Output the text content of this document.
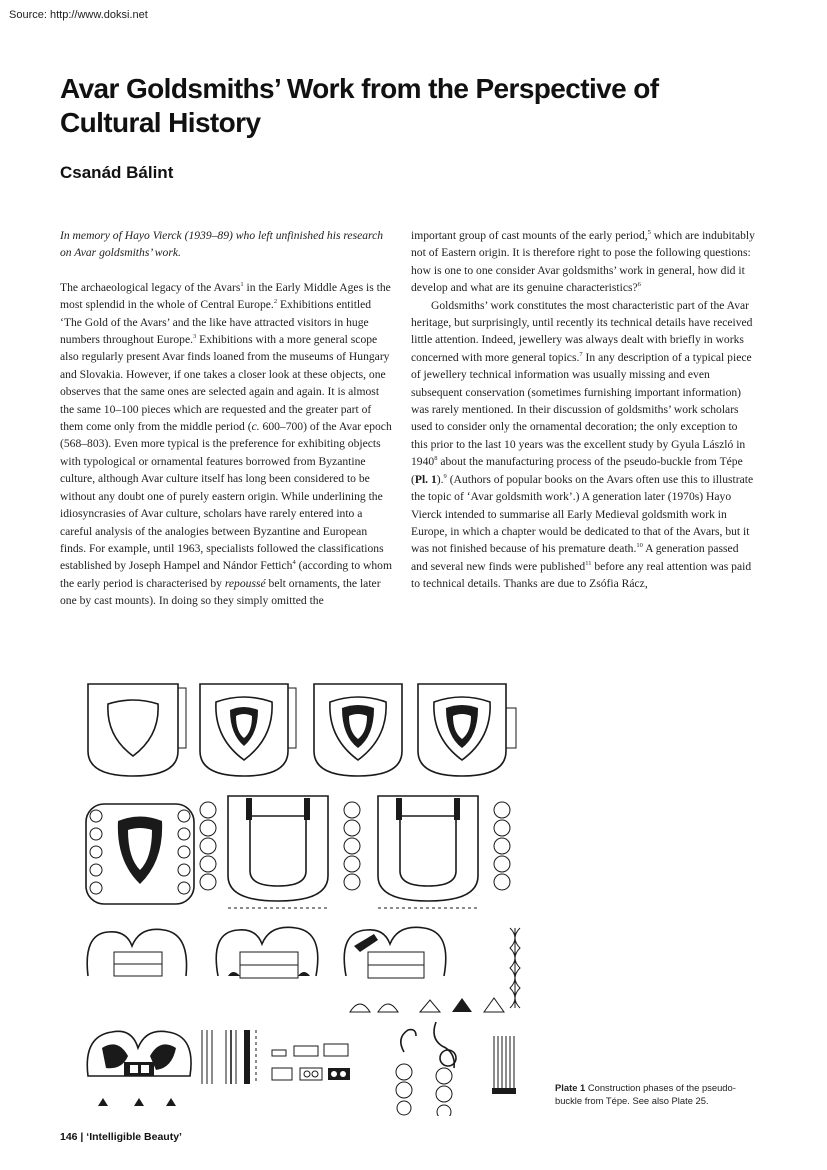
Source: http://www.doksi.net
Avar Goldsmiths’ Work from the Perspective of
Cultural History
Csanád Bálint

In memory of Hayo Vierck (1939–89) who left unfinished his research on Avar goldsmiths’ work.

The archaeological legacy of the Avars$^1$ in the Early Middle Ages is the most splendid in the whole of Central Europe.$^2$ Exhibitions entitled ‘The Gold of the Avars’ and the like have attracted visitors in huge numbers throughout Europe.$^3$ Exhibitions with a more general scope also regularly present Avar finds loaned from the museums of Hungary and Slovakia. However, if one takes a closer look at these objects, one observes that the same ones are selected again and again. It is almost the same 10–100 pieces which are requested and the greater part of them come only from the middle period (c. 600–700) of the Avar epoch (568–803). Even more typical is the preference for exhibiting objects with typological or ornamental features borrowed from Byzantine culture, although Avar culture itself has long been considered to be without any doubt one of purely eastern origin. While underlining the idiosyncrasies of Avar culture, scholars have rarely entered into a careful analysis of the analogies between Byzantine and European finds. For example, until 1963, specialists followed the classifications established by Joseph Hampel and Nándor Fettich$^4$ (according to whom the early period is characterised by repoussé belt ornaments, the later one by cast mounts). In doing so they simply omitted the

important group of cast mounts of the early period,$^5$ which are indubitably not of Eastern origin. It is therefore right to pose the following questions: how is one to one consider Avar goldsmiths’ work in general, how did it develop and what are its genuine characteristics?$^6$

Goldsmiths’ work constitutes the most characteristic part of the Avar heritage, but surprisingly, until recently its technical details have received little attention. Indeed, jewellery was always dealt with briefly in works concerned with more general topics.$^7$ In any description of a typical piece of jewellery technical information was usually missing and even subsequent conservation (sometimes furnishing important information) was rarely mentioned. In their discussion of goldsmiths’ work scholars used to consider only the ornamental decoration; the only exception to this prior to the last 10 years was the excellent study by Gyula László in 1940$^8$ about the manufacturing process of the pseudo-buckle from Tépe (Pl. 1).$^9$ (Authors of popular books on the Avars often use this to illustrate the topic of ‘Avar goldsmith work’.) A generation later (1970s) Hayo Vierck intended to summarise all Early Medieval goldsmith work in Europe, in which a chapter would be dedicated to that of the Avars, but it was not finished because of his premature death.$^{10}$ A generation passed and several new finds were published$^{11}$ before any real attention was paid to technical details. Thanks are due to Zsófia Rácz,

Plate 1 Construction phases of the pseudo-buckle from Tépe. See also Plate 25.
146 | ‘Intelligible Beauty’
